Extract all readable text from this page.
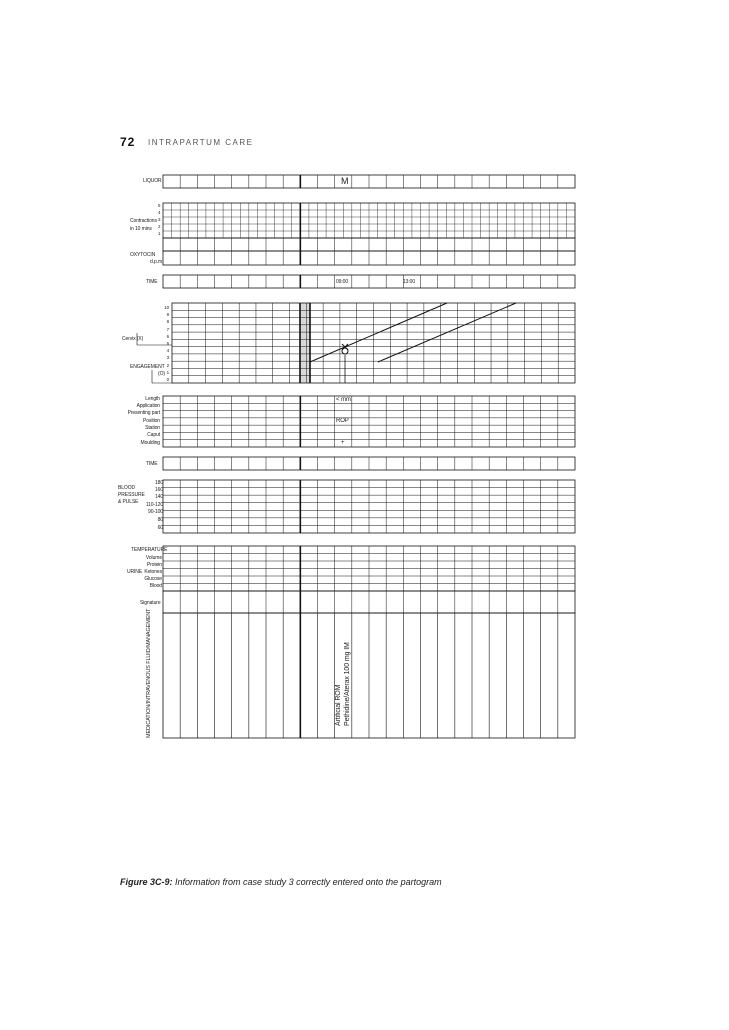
72 INTRAPARTUM CARE
LIQUOR
Contractions
in 10 mins
5
4
3
2
1
OXYTOCIN
d.p.m.
TIME
Cervix (X)
ENGAGEMENT
(O)
10
9
8
7
6
5
4
3
2
1
0
Length
Application
Presenting part
Position
Station
Caput
Moulding
TIME
BLOOD
PRESSURE
& PULSE
180
160
140
110-120
90-100
80
60
TEMPERATURE
URINE
Volume
Protein
Ketones
Glucose
Blood
Signature
MEDICATION/INTRAVENOUS FLUID/MANAGEMENT
M
09:00	13:00
< mm
ROP
+
Artificial ROM Pethidine/Aterax 100 mg IM
Figure 3C-9: Information from case study 3 correctly entered onto the partogram
